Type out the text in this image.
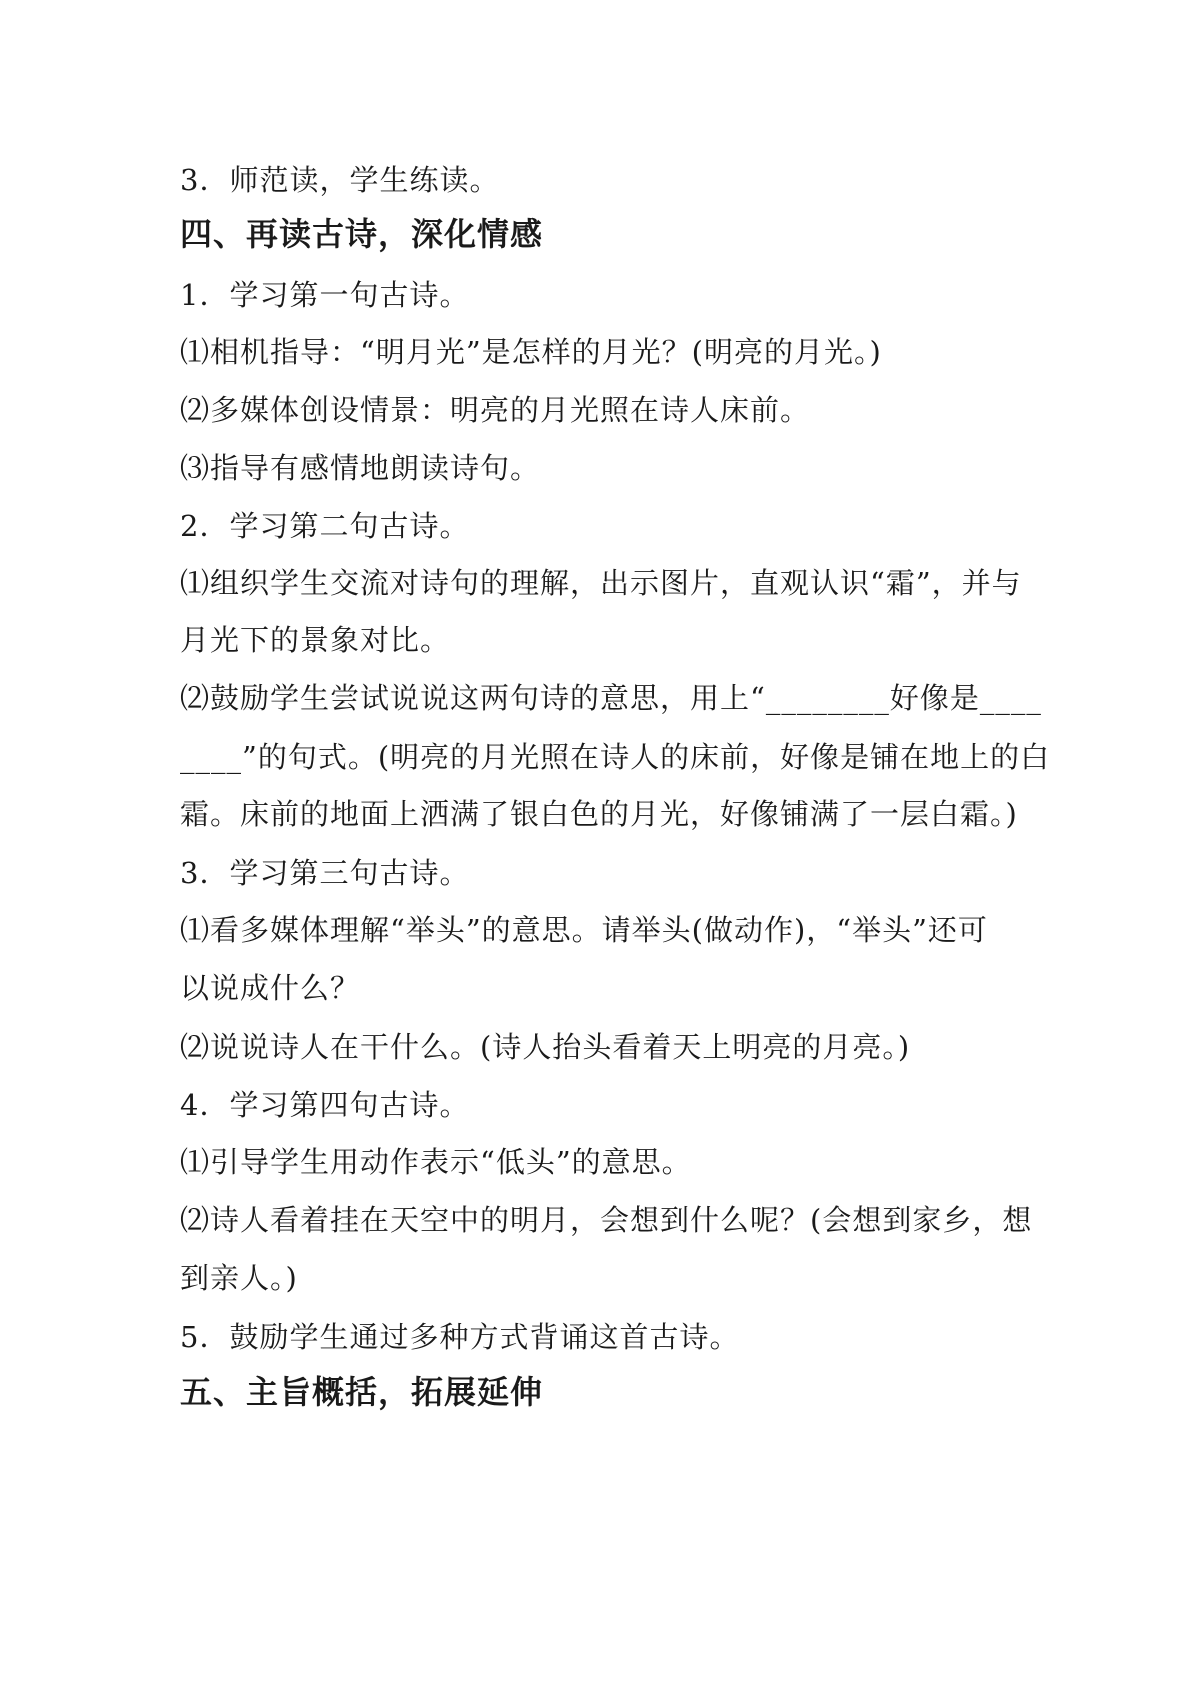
3．师范读，学生练读。
四、再读古诗，深化情感
1．学习第一句古诗。
⑴相机指导：“明月光”是怎样的月光？(明亮的月光。)
⑵多媒体创设情景：明亮的月光照在诗人床前。
⑶指导有感情地朗读诗句。
2．学习第二句古诗。
⑴组织学生交流对诗句的理解，出示图片，直观认识“霜”，并与
月光下的景象对比。
⑵鼓励学生尝试说说这两句诗的意思，用上“________好像是____
____”的句式。(明亮的月光照在诗人的床前，好像是铺在地上的白
霜。床前的地面上洒满了银白色的月光，好像铺满了一层白霜。)
3．学习第三句古诗。
⑴看多媒体理解“举头”的意思。请举头(做动作)，“举头”还可
以说成什么？
⑵说说诗人在干什么。(诗人抬头看着天上明亮的月亮。)
4．学习第四句古诗。
⑴引导学生用动作表示“低头”的意思。
⑵诗人看着挂在天空中的明月，会想到什么呢？(会想到家乡，想
到亲人。)
5．鼓励学生通过多种方式背诵这首古诗。
五、主旨概括，拓展延伸
